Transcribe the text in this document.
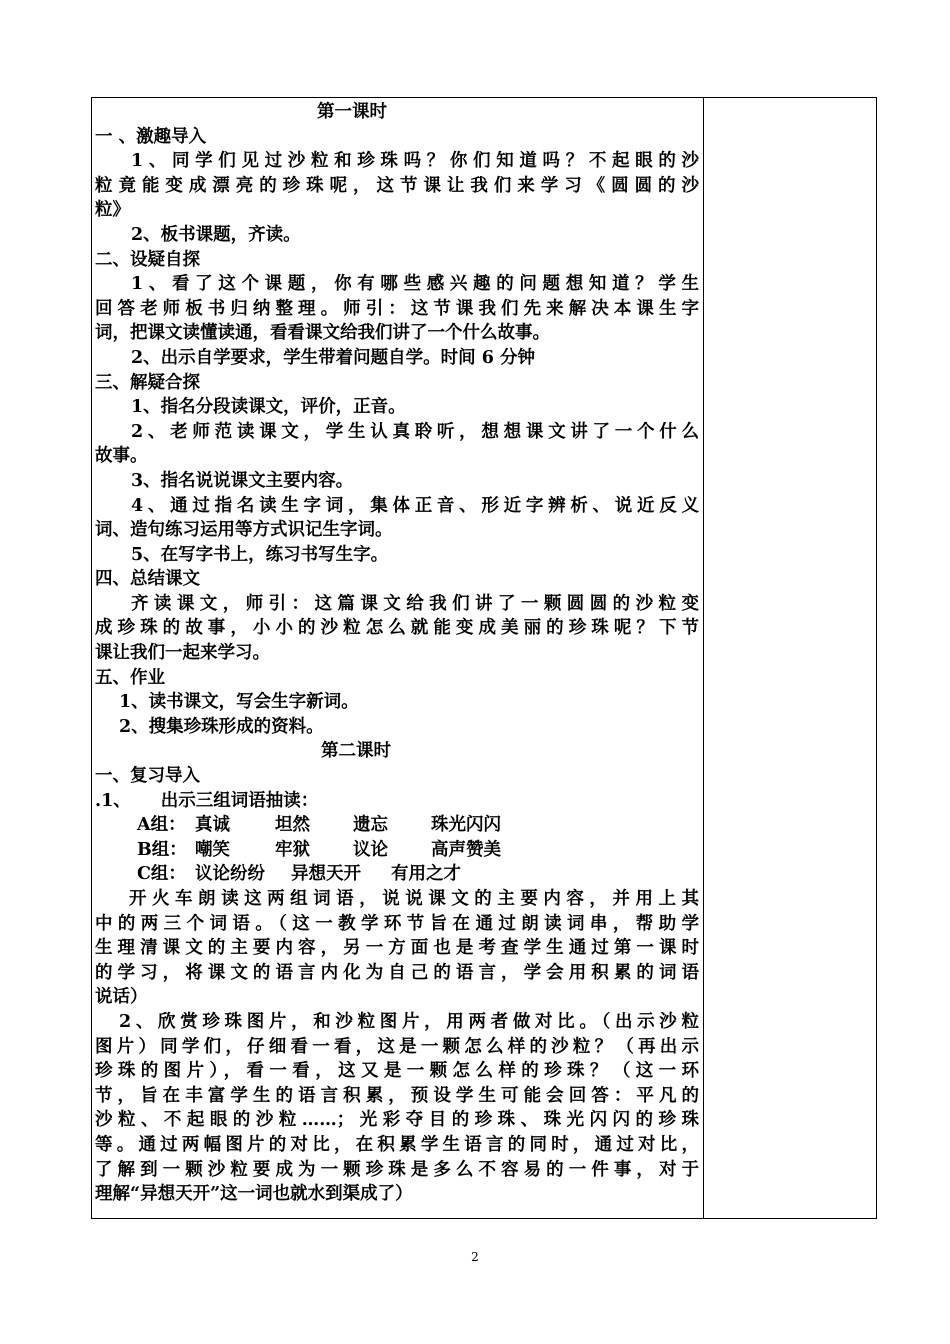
第一课时
一 、激趣导入
1、同学们见过沙粒和珍珠吗？你们知道吗？不起眼的沙
粒竟能变成漂亮的珍珠呢，这节课让我们来学习《圆圆的沙
粒》
2、板书课题，齐读。
二、设疑自探
1、看了这个课题，你有哪些感兴趣的问题想知道？学生
回答老师板书归纳整理。师引：这节课我们先来解决本课生字
词，把课文读懂读通，看看课文给我们讲了一个什么故事。
2、出示自学要求，学生带着问题自学。时间 6 分钟
三、解疑合探
1、指名分段读课文，评价，正音。
2、老师范读课文，学生认真聆听，想想课文讲了一个什么
故事。
3、指名说说课文主要内容。
4、通过指名读生字词，集体正音、形近字辨析、说近反义
词、造句练习运用等方式识记生字词。
5、在写字书上，练习书写生字。
四、总结课文
齐读课文，师引：这篇课文给我们讲了一颗圆圆的沙粒变
成珍珠的故事，小小的沙粒怎么就能变成美丽的珍珠呢？下节
课让我们一起来学习。
五、作业
1、读书课文，写会生字新词。
2、搜集珍珠形成的资料。
第二课时
一、复习导入
.1、 出示三组词语抽读：
A组： 真诚	坦然 遗忘 珠光闪闪
B组： 嘲笑	牢狱 议论 高声赞美
C组： 议论纷纷 异想天开 有用之才
开火车朗读这两组词语，说说课文的主要内容，并用上其
中的两三个词语。（这一教学环节旨在通过朗读词串，帮助学
生理清课文的主要内容，另一方面也是考查学生通过第一课时
的学习，将课文的语言内化为自己的语言，学会用积累的词语
说话）
2、欣赏珍珠图片，和沙粒图片，用两者做对比。（出示沙粒
图片）同学们，仔细看一看，这是一颗怎么样的沙粒？（再出示
珍珠的图片），看一看，这又是一颗怎么样的珍珠？（这一环
节，旨在丰富学生的语言积累，预设学生可能会回答：平凡的
沙粒、不起眼的沙粒……；光彩夺目的珍珠、珠光闪闪的珍珠
等。通过两幅图片的对比，在积累学生语言的同时，通过对比，
了解到一颗沙粒要成为一颗珍珠是多么不容易的一件事，对于
理解“异想天开”这一词也就水到渠成了）
2
